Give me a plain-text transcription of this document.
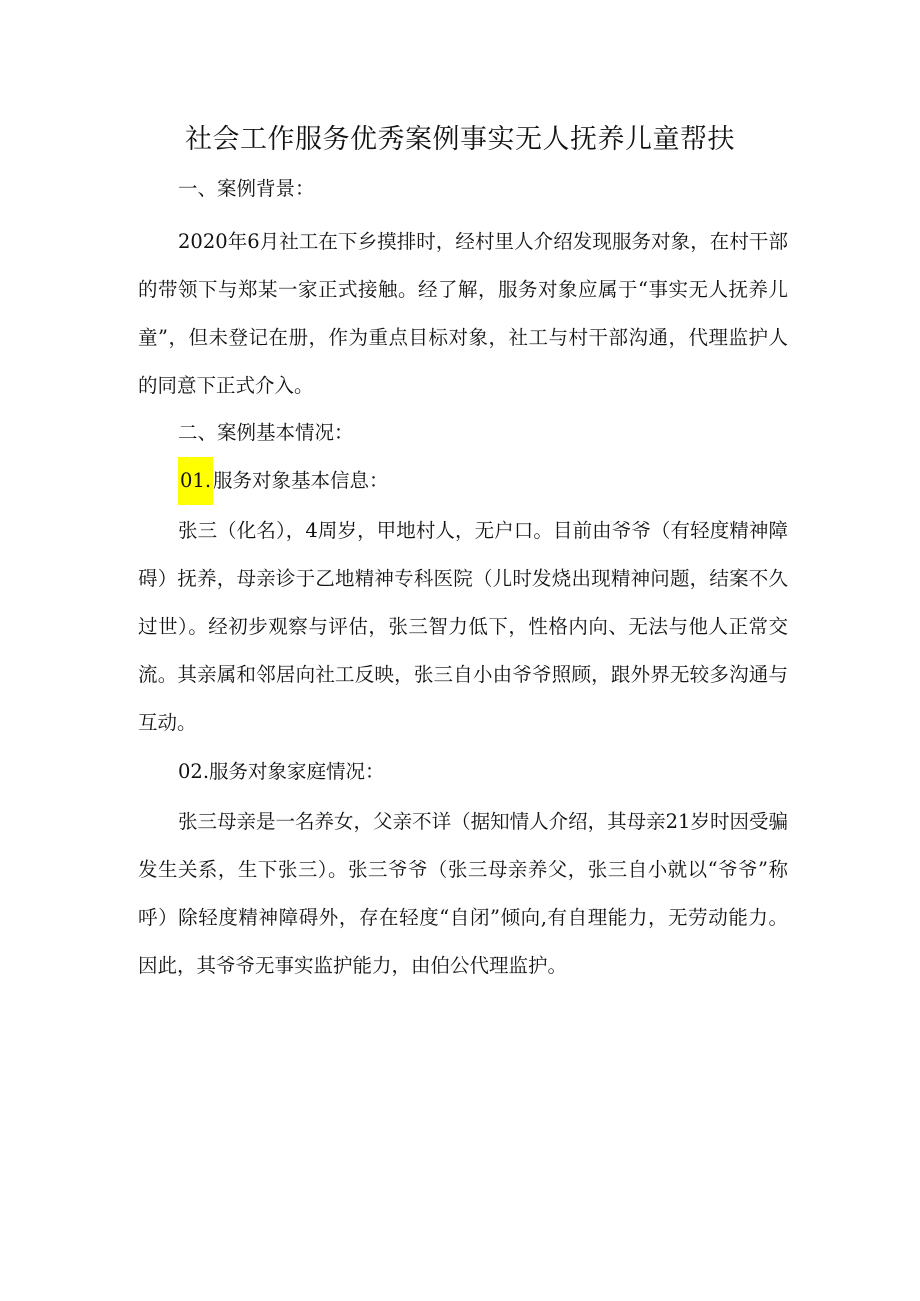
社会工作服务优秀案例事实无人抚养儿童帮扶

一、案例背景：

2020年6月社工在下乡摸排时，经村里人介绍发现服务对象，在村干部的带领下与郑某一家正式接触。经了解，服务对象应属于“事实无人抚养儿童”，但未登记在册，作为重点目标对象，社工与村干部沟通，代理监护人的同意下正式介入。

二、案例基本情况：

01. 服务对象基本信息：

张三（化名），4周岁，甲地村人，无户口。目前由爷爷（有轻度精神障碍）抚养，母亲诊于乙地精神专科医院（儿时发烧出现精神问题，结案不久过世）。经初步观察与评估，张三智力低下，性格内向、无法与他人正常交流。其亲属和邻居向社工反映，张三自小由爷爷照顾，跟外界无较多沟通与互动。

02.服务对象家庭情况：

张三母亲是一名养女，父亲不详（据知情人介绍，其母亲21岁时因受骗发生关系，生下张三）。张三爷爷（张三母亲养父，张三自小就以“爷爷”称呼）除轻度精神障碍外，存在轻度“自闭”倾向,有自理能力，无劳动能力。因此，其爷爷无事实监护能力，由伯公代理监护。
